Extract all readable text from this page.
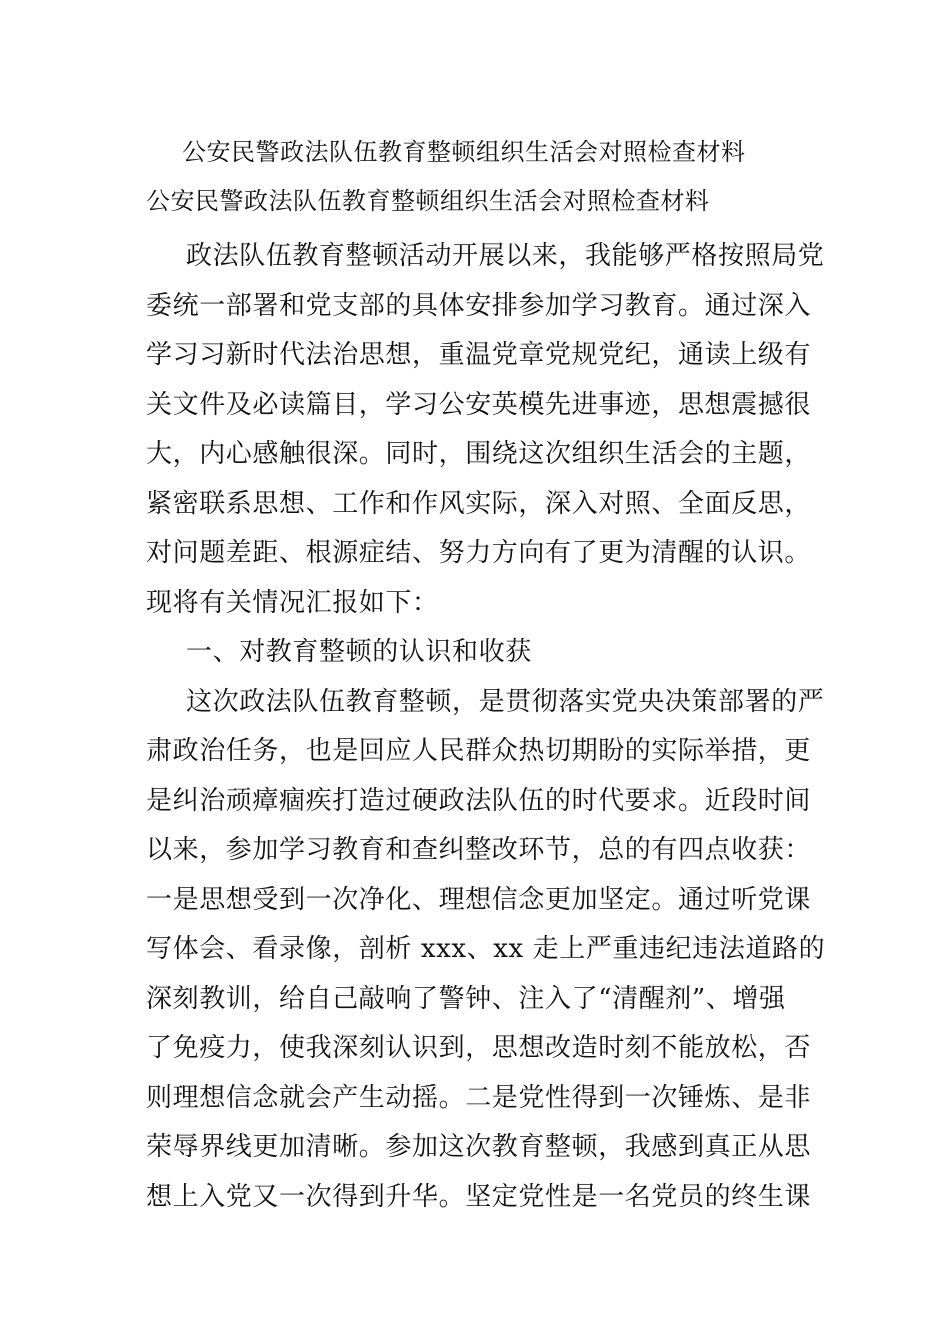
公安民警政法队伍教育整顿组织生活会对照检查材料
公安民警政法队伍教育整顿组织生活会对照检查材料
政法队伍教育整顿活动开展以来，我能够严格按照局党
委统一部署和党支部的具体安排参加学习教育。通过深入
学习习新时代法治思想，重温党章党规党纪，通读上级有
关文件及必读篇目，学习公安英模先进事迹，思想震撼很
大，内心感触很深。同时，围绕这次组织生活会的主题，
紧密联系思想、工作和作风实际，深入对照、全面反思，
对问题差距、根源症结、努力方向有了更为清醒的认识。
现将有关情况汇报如下：
一、对教育整顿的认识和收获
这次政法队伍教育整顿，是贯彻落实党央决策部署的严
肃政治任务，也是回应人民群众热切期盼的实际举措，更
是纠治顽瘴痼疾打造过硬政法队伍的时代要求。近段时间
以来，参加学习教育和查纠整改环节，总的有四点收获：
一是思想受到一次净化、理想信念更加坚定。通过听党课
写体会、看录像，剖析 xxx、xx 走上严重违纪违法道路的
深刻教训，给自己敲响了警钟、注入了“清醒剂”、增强
了免疫力，使我深刻认识到，思想改造时刻不能放松，否
则理想信念就会产生动摇。二是党性得到一次锤炼、是非
荣辱界线更加清晰。参加这次教育整顿，我感到真正从思
想上入党又一次得到升华。坚定党性是一名党员的终生课
